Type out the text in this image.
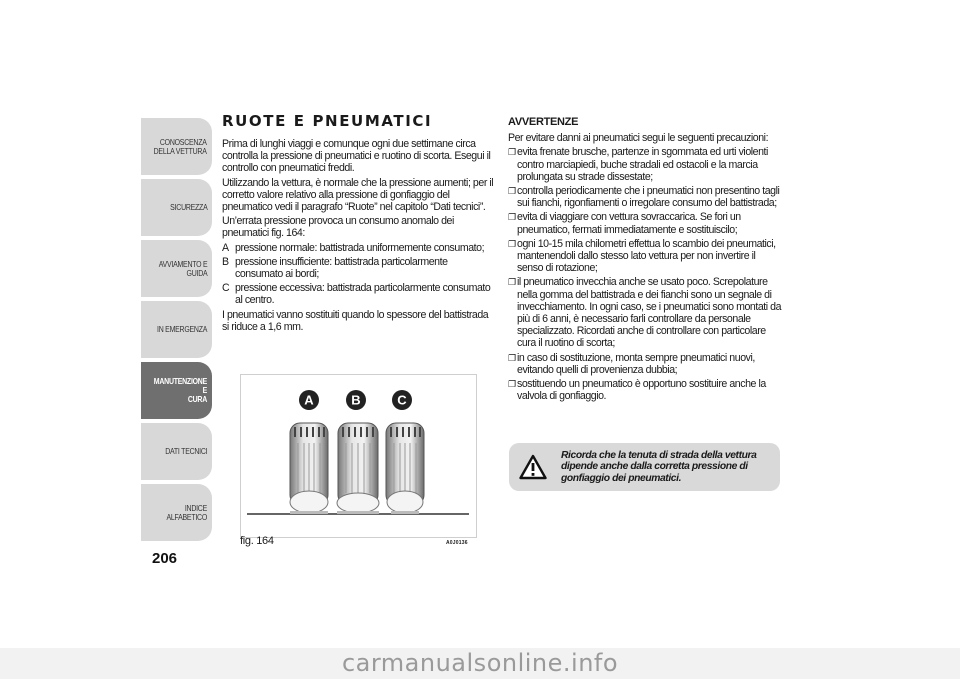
CONOSCENZA
DELLA VETTURA
SICUREZZA
AVVIAMENTO E
GUIDA
IN EMERGENZA
MANUTENZIONE E
CURA
DATI TECNICI
INDICE ALFABETICO
206
RUOTE E PNEUMATICI

Prima di lunghi viaggi e comunque ogni due settimane circa controlla la pressione di pneumatici e ruotino di scorta. Esegui il controllo con pneumatici freddi.

Utilizzando la vettura, è normale che la pressione aumenti; per il corretto valore relativo alla pressione di gonfiaggio del pneumatico vedi il paragrafo “Ruote” nel capitolo “Dati tecnici”.

Un’errata pressione provoca un consumo anomalo dei pneumatici fig. 164:

A pressione normale: battistrada uniformemente consumato;
B pressione insufficiente: battistrada particolarmente consumato ai bordi;
C pressione eccessiva: battistrada particolarmente consumato al centro.

I pneumatici vanno sostituiti quando lo spessore del battistrada si riduce a 1,6 mm.

A	B	C
fig. 164	A0J0136
AVVERTENZE

Per evitare danni ai pneumatici segui le seguenti precauzioni:

❐ evita frenate brusche, partenze in sgommata ed urti violenti contro marciapiedi, buche stradali ed ostacoli e la marcia prolungata su strade dissestate;
❐ controlla periodicamente che i pneumatici non presentino tagli sui fianchi, rigonfiamenti o irregolare consumo del battistrada;
❐ evita di viaggiare con vettura sovraccarica. Se fori un pneumatico, fermati immediatamente e sostituiscilo;
❐ ogni 10-15 mila chilometri effettua lo scambio dei pneumatici, mantenendoli dallo stesso lato vettura per non invertire il senso di rotazione;
❐ il pneumatico invecchia anche se usato poco. Screpolature nella gomma del battistrada e dei fianchi sono un segnale di invecchiamento. In ogni caso, se i pneumatici sono montati da più di 6 anni, è necessario farli controllare da personale specializzato. Ricordati anche di controllare con particolare cura il ruotino di scorta;
❐ in caso di sostituzione, monta sempre pneumatici nuovi, evitando quelli di provenienza dubbia;
❐ sostituendo un pneumatico è opportuno sostituire anche la valvola di gonfiaggio.
Ricorda che la tenuta di strada della vettura dipende anche dalla corretta pressione di gonfiaggio dei pneumatici.
carmanualsonline.info
